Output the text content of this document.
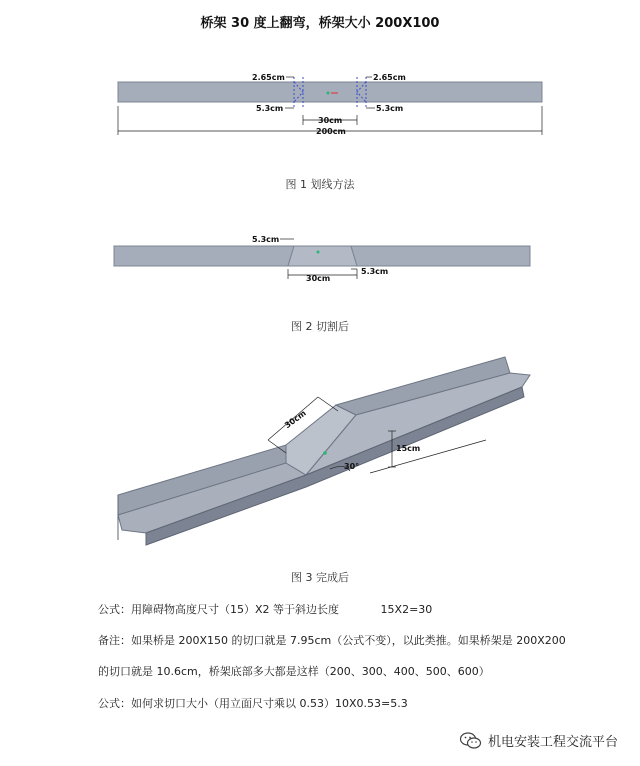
桥架 30 度上翻弯，桥架大小 200X100
2.65cm	2.65cm
5.3cm	5.3cm
30cm
200cm
图 1 划线方法
5.3cm
30cm
5.3cm
图 2 切割后
30cm
15cm
30°
图 3 完成后
公式：用障碍物高度尺寸（15）X2 等于斜边长度	15X2=30
备注：如果桥是 200X150 的切口就是 7.95cm（公式不变），以此类推。如果桥架是 200X200
的切口就是 10.6cm，桥架底部多大都是这样（200、300、400、500、600）
公式：如何求切口大小（用立面尺寸乘以 0.53）10X0.53=5.3
机电安装工程交流平台
